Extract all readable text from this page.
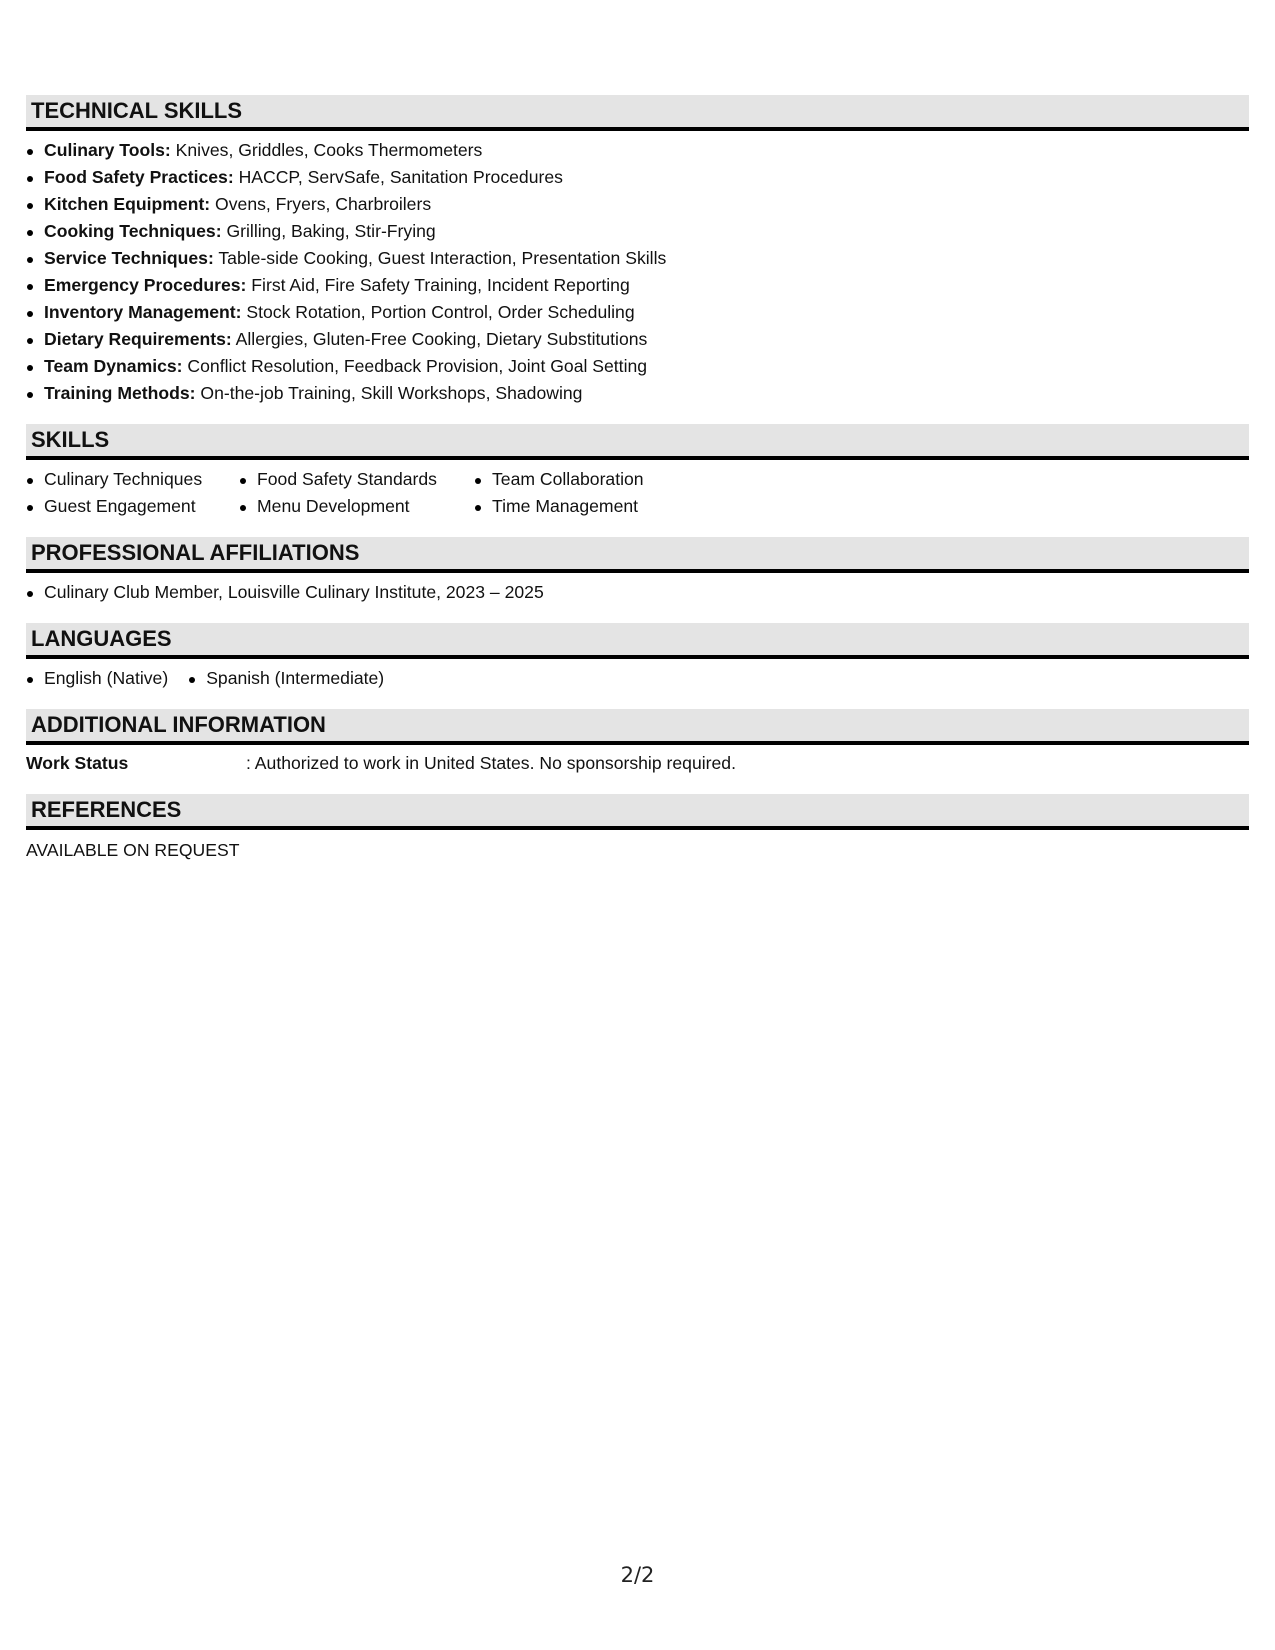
TECHNICAL SKILLS
Culinary Tools: Knives, Griddles, Cooks Thermometers
Food Safety Practices: HACCP, ServSafe, Sanitation Procedures
Kitchen Equipment: Ovens, Fryers, Charbroilers
Cooking Techniques: Grilling, Baking, Stir-Frying
Service Techniques: Table-side Cooking, Guest Interaction, Presentation Skills
Emergency Procedures: First Aid, Fire Safety Training, Incident Reporting
Inventory Management: Stock Rotation, Portion Control, Order Scheduling
Dietary Requirements: Allergies, Gluten-Free Cooking, Dietary Substitutions
Team Dynamics: Conflict Resolution, Feedback Provision, Joint Goal Setting
Training Methods: On-the-job Training, Skill Workshops, Shadowing
SKILLS
Culinary Techniques
Guest Engagement
Food Safety Standards
Menu Development
Team Collaboration
Time Management
PROFESSIONAL AFFILIATIONS
Culinary Club Member, Louisville Culinary Institute, 2023 – 2025
LANGUAGES
English (Native)	Spanish (Intermediate)
ADDITIONAL INFORMATION
Work Status	: Authorized to work in United States. No sponsorship required.
REFERENCES
AVAILABLE ON REQUEST
2/2
